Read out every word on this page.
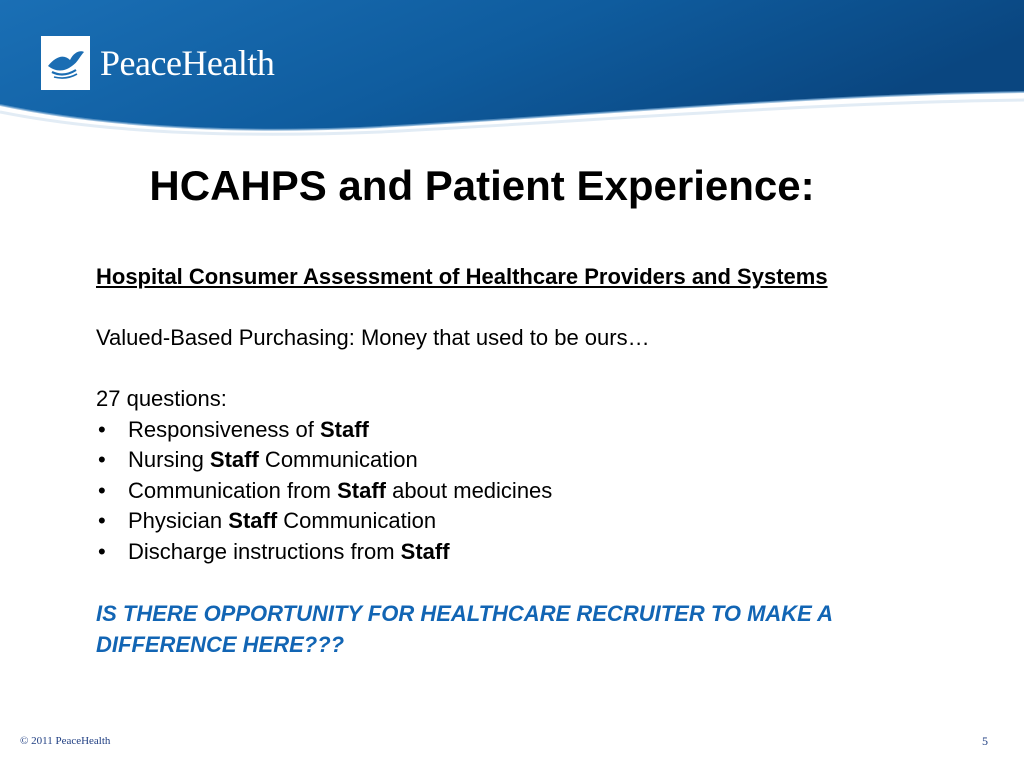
PeaceHealth
HCAHPS and Patient Experience:

Hospital Consumer Assessment of Healthcare Providers and Systems

Valued-Based Purchasing: Money that used to be ours…

27 questions:

• Responsiveness of Staff
• Nursing Staff Communication
• Communication from Staff about medicines
• Physician Staff Communication
• Discharge instructions from Staff

IS THERE OPPORTUNITY FOR HEALTHCARE RECRUITER TO MAKE A DIFFERENCE HERE???

© 2011 PeaceHealth	5
